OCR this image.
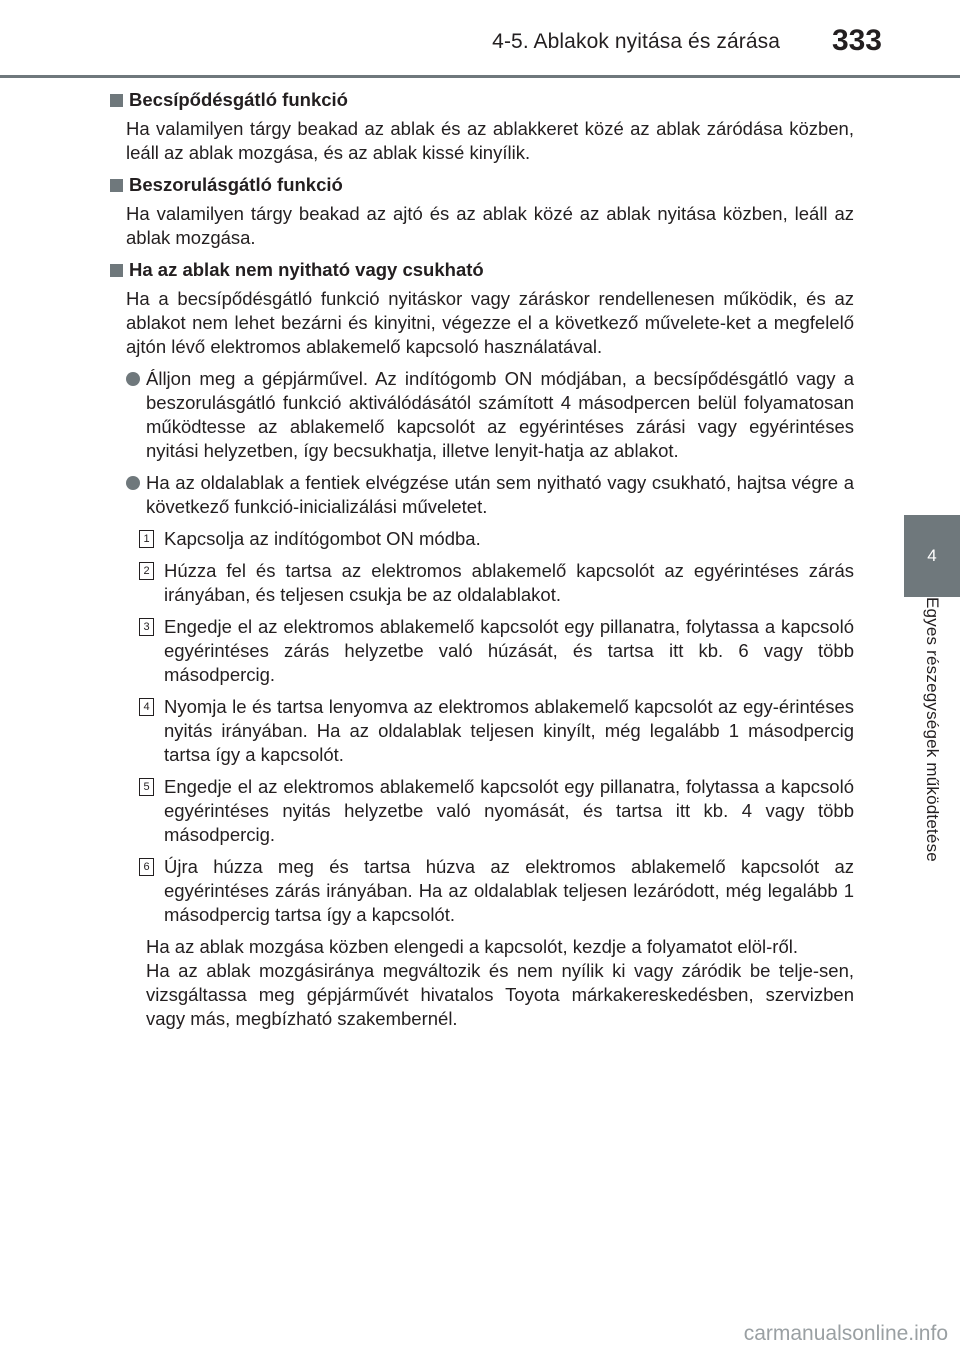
4-5. Ablakok nyitása és zárása 333
4
Egyes részegységek működtetése
Becsípődésgátló funkció

Ha valamilyen tárgy beakad az ablak és az ablakkeret közé az ablak záródása közben, leáll az ablak mozgása, és az ablak kissé kinyílik.

Beszorulásgátló funkció

Ha valamilyen tárgy beakad az ajtó és az ablak közé az ablak nyitása közben, leáll az ablak mozgása.

Ha az ablak nem nyitható vagy csukható

Ha a becsípődésgátló funkció nyitáskor vagy záráskor rendellenesen működik, és az ablakot nem lehet bezárni és kinyitni, végezze el a következő művelete-ket a megfelelő ajtón lévő elektromos ablakemelő kapcsoló használatával.

Álljon meg a gépjárművel. Az indítógomb ON módjában, a becsípődésgátló vagy a beszorulásgátló funkció aktiválódásától számított 4 másodpercen belül folyamatosan működtesse az ablakemelő kapcsolót az egyérintéses zárási vagy egyérintéses nyitási helyzetben, így becsukhatja, illetve lenyit-hatja az ablakot.
Ha az oldalablak a fentiek elvégzése után sem nyitható vagy csukható, hajtsa végre a következő funkció-inicializálási műveletet.
1 Kapcsolja az indítógombot ON módba.
2 Húzza fel és tartsa az elektromos ablakemelő kapcsolót az egyérintéses zárás irányában, és teljesen csukja be az oldalablakot.
3 Engedje el az elektromos ablakemelő kapcsolót egy pillanatra, folytassa a kapcsoló egyérintéses zárás helyzetbe való húzását, és tartsa itt kb. 6 vagy több másodpercig.
4 Nyomja le és tartsa lenyomva az elektromos ablakemelő kapcsolót az egy-érintéses nyitás irányában. Ha az oldalablak teljesen kinyílt, még legalább 1 másodpercig tartsa így a kapcsolót.
5 Engedje el az elektromos ablakemelő kapcsolót egy pillanatra, folytassa a kapcsoló egyérintéses nyitás helyzetbe való nyomását, és tartsa itt kb. 4 vagy több másodpercig.
6 Újra húzza meg és tartsa húzva az elektromos ablakemelő kapcsolót az egyérintéses zárás irányában. Ha az oldalablak teljesen lezáródott, még legalább 1 másodpercig tartsa így a kapcsolót.

Ha az ablak mozgása közben elengedi a kapcsolót, kezdje a folyamatot elöl-ről.

Ha az ablak mozgásiránya megváltozik és nem nyílik ki vagy záródik be telje-sen, vizsgáltassa meg gépjárművét hivatalos Toyota márkakereskedésben, szervizben vagy más, megbízható szakembernél.

carmanualsonline.info
